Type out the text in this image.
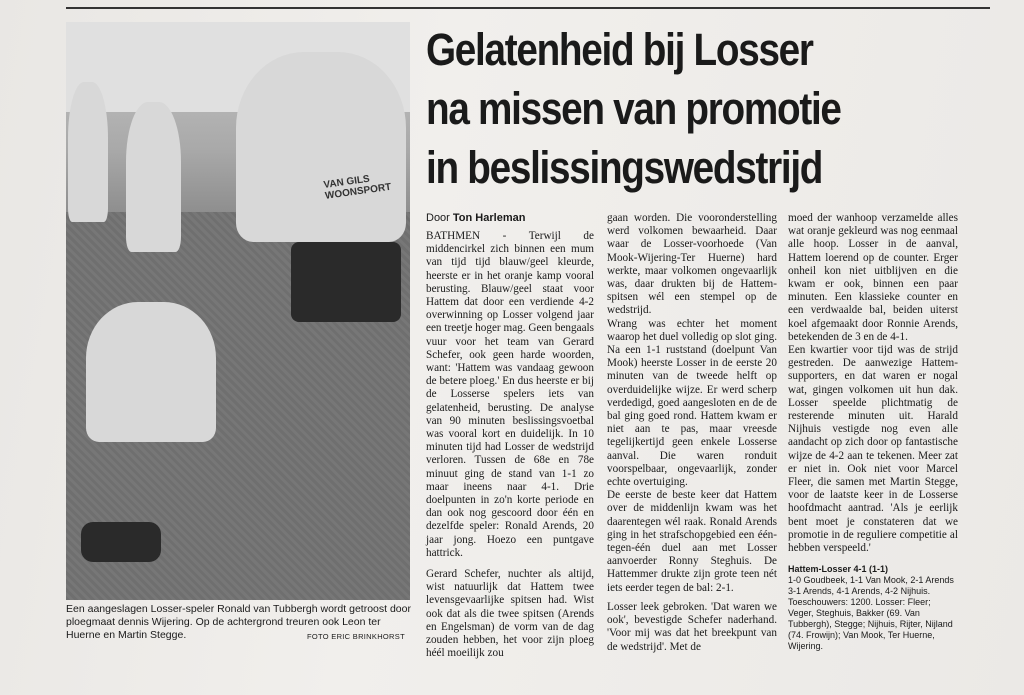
VAN GILS WOONSPORT
Een aangeslagen Losser-speler Ronald van Tubbergh wordt getroost door ploegmaat dennis Wijering. Op de achtergrond treuren ook Leon ter Huerne en Martin Stegge.	FOTO ERIC BRINKHORST
Gelatenheid bij Losser
na missen van promotie
in beslissingswedstrijd
Door Ton Harleman

BATHMEN - Terwijl de middencirkel zich binnen een mum van tijd tijd blauw/geel kleurde, heerste er in het oranje kamp vooral berusting. Blauw/geel staat voor Hattem dat door een verdiende 4-2 overwinning op Losser volgend jaar een treetje hoger mag. Geen bengaals vuur voor het team van Gerard Schefer, ook geen harde woorden, want: 'Hattem was vandaag gewoon de betere ploeg.' En dus heerste er bij de Losserse spelers iets van gelatenheid, berusting. De analyse van 90 minuten beslissingsvoetbal was vooral kort en duidelijk. In 10 minuten tijd had Losser de wedstrijd verloren. Tussen de 68e en 78e minuut ging de stand van 1-1 zo maar ineens naar 4-1. Drie doelpunten in zo'n korte periode en dan ook nog gescoord door één en dezelfde speler: Ronald Arends, 20 jaar jong. Hoezo een puntgave hattrick.

Gerard Schefer, nuchter als altijd, wist natuurlijk dat Hattem twee levensgevaarlijke spitsen had. Wist ook dat als die twee spitsen (Arends en Engelsman) de vorm van de dag zouden hebben, het voor zijn ploeg héél moeilijk zou

gaan worden. Die vooronderstelling werd volkomen bewaarheid. Daar waar de Losser-voorhoede (Van Mook-Wijering-Ter Huerne) hard werkte, maar volkomen ongevaarlijk was, daar drukten bij de Hattem-spitsen wél een stempel op de wedstrijd.

Wrang was echter het moment waarop het duel volledig op slot ging. Na een 1-1 ruststand (doelpunt Van Mook) heerste Losser in de eerste 20 minuten van de tweede helft op overduidelijke wijze. Er werd scherp verdedigd, goed aangesloten en de de bal ging goed rond. Hattem kwam er niet aan te pas, maar vreesde tegelijkertijd geen enkele Losserse aanval. Die waren ronduit voorspelbaar, ongevaarlijk, zonder echte overtuiging.

De eerste de beste keer dat Hattem over de middenlijn kwam was het daarentegen wél raak. Ronald Arends ging in het strafschopgebied een één-tegen-één duel aan met Losser aanvoerder Ronny Steghuis. De Hattemmer drukte zijn grote teen nét iets eerder tegen de bal: 2-1.

Losser leek gebroken. 'Dat waren we ook', bevestigde Schefer naderhand. 'Voor mij was dat het breekpunt van de wedstrijd'. Met de

moed der wanhoop verzamelde alles wat oranje gekleurd was nog eenmaal alle hoop. Losser in de aanval, Hattem loerend op de counter. Erger onheil kon niet uitblijven en die kwam er ook, binnen een paar minuten. Een klassieke counter en een verdwaalde bal, beiden uiterst koel afgemaakt door Ronnie Arends, betekenden de 3 en de 4-1.

Een kwartier voor tijd was de strijd gestreden. De aanwezige Hattem-supporters, en dat waren er nogal wat, gingen volkomen uit hun dak. Losser speelde plichtmatig de resterende minuten uit. Harald Nijhuis vestigde nog even alle aandacht op zich door op fantastische wijze de 4-2 aan te tekenen. Meer zat er niet in. Ook niet voor Marcel Fleer, die samen met Martin Stegge, voor de laatste keer in de Losserse hoofdmacht aantrad. 'Als je eerlijk bent moet je constateren dat we promotie in de reguliere competitie al hebben verspeeld.'

Hattem-Losser 4-1 (1-1)
1-0 Goudbeek, 1-1 Van Mook, 2-1 Arends 3-1 Arends, 4-1 Arends, 4-2 Nijhuis. Toeschouwers: 1200. Losser: Fleer; Veger, Steghuis, Bakker (69. Van Tubbergh), Stegge; Nijhuis, Rijter, Nijland (74. Frowijn); Van Mook, Ter Huerne, Wijering.
